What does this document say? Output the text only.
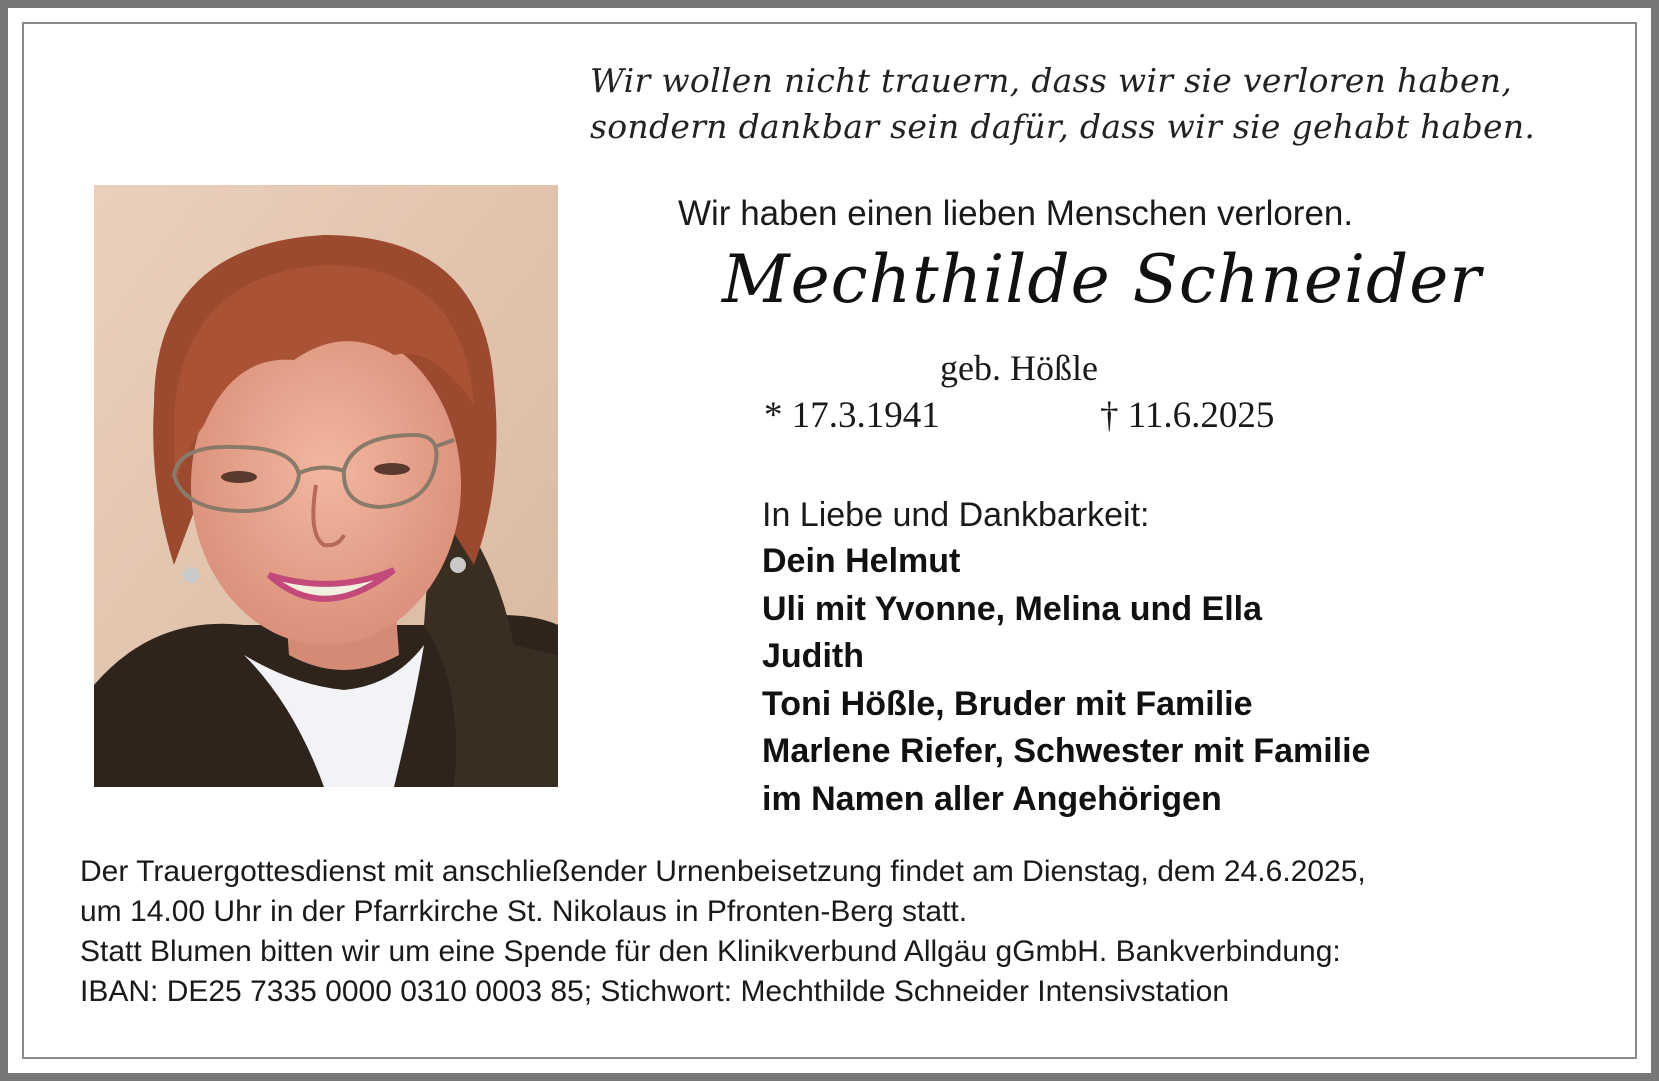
Wir wollen nicht trauern, dass wir sie verloren haben,
sondern dankbar sein dafür, dass wir sie gehabt haben.
Wir haben einen lieben Menschen verloren.
Mechthilde Schneider
geb. Hößle
* 17.3.1941	† 11.6.2025
In Liebe und Dankbarkeit:
Dein Helmut
Uli mit Yvonne, Melina und Ella
Judith
Toni Hößle, Bruder mit Familie
Marlene Riefer, Schwester mit Familie
im Namen aller Angehörigen
Der Trauergottesdienst mit anschließender Urnenbeisetzung findet am Dienstag, dem 24.6.2025,
um 14.00 Uhr in der Pfarrkirche St. Nikolaus in Pfronten-Berg statt.
Statt Blumen bitten wir um eine Spende für den Klinikverbund Allgäu gGmbH. Bankverbindung:
IBAN: DE25 7335 0000 0310 0003 85; Stichwort: Mechthilde Schneider Intensivstation
